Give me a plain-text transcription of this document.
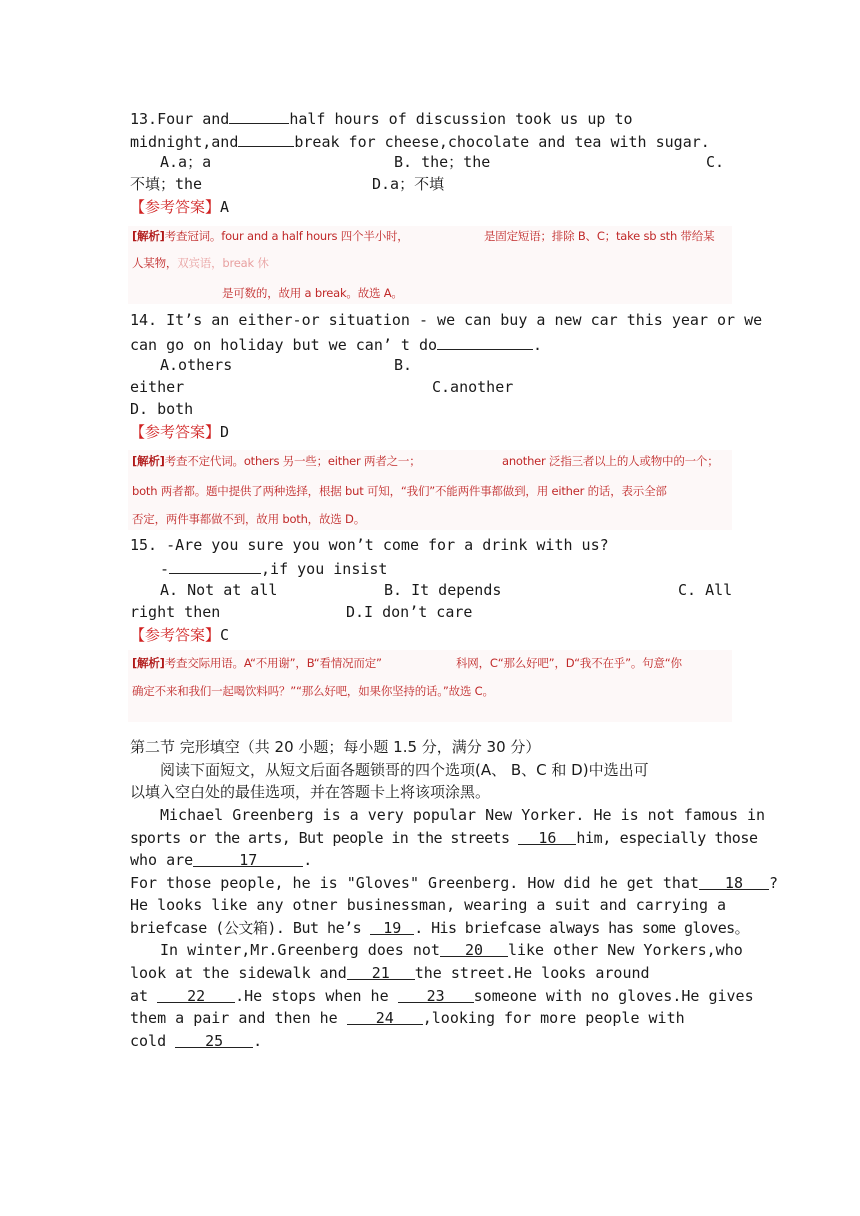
13.Four and	half hours of discussion took us up to
midnight,and	break for cheese,chocolate and tea with sugar.
A.a；a	B. the；the	C.
不填；the	D.a；不填
【参考答案】A
[解析]考查冠词。four and a half hours 四个半小时，	是固定短语；排除 B、C；take sb sth 带给某
人某物，双宾语，break 休
是可数的，故用 a break。故选 A。
14. It’s an either-or situation - we can buy a new car this year or we
can go on holiday but we can’ t do	.
A.others	B.
either	C.another
D. both
【参考答案】D
[解析]考查不定代词。others 另一些；either 两者之一；	another 泛指三者以上的人或物中的一个；
both 两者都。题中提供了两种选择，根据 but 可知，“我们”不能两件事都做到，用 either 的话，表示全部
否定，两件事都做不到，故用 both，故选 D。
15. -Are you sure you won’t come for a drink with us?
-	,if you insist
A. Not at all	B. It depends	C. All
right then	D.I don’t care
【参考答案】C
[解析]考查交际用语。A“不用谢”，B“看情况而定”	科网，C“那么好吧”，D“我不在乎”。句意“你
确定不来和我们一起喝饮料吗？”“那么好吧，如果你坚持的话。”故选 C。
第二节 完形填空（共 20 小题；每小题 1.5 分，满分 30 分）
阅读下面短文，从短文后面各题锁哥的四个选项(A、 B、C 和 D)中选出可
以填入空白处的最佳选项，并在答题卡上将该项涂黑。
Michael Greenberg is a very popular New Yorker. He is not famous in
sports or the arts, But people in the streets 16 him, especially those
who are	17	.
For those people, he is "Gloves" Greenberg. How did he get that 18 ?
He looks like any otner businessman, wearing a suit and carrying a
briefcase (公文箱). But he’s 19 . His briefcase always has some gloves。
In winter,Mr.Greenberg does not 20 like other New Yorkers,who
look at the sidewalk and 21 the street.He looks around
at	22 .He stops when he	23 someone with no gloves.He gives
them a pair and then he	24 ,looking for more people with
cold	25 .
